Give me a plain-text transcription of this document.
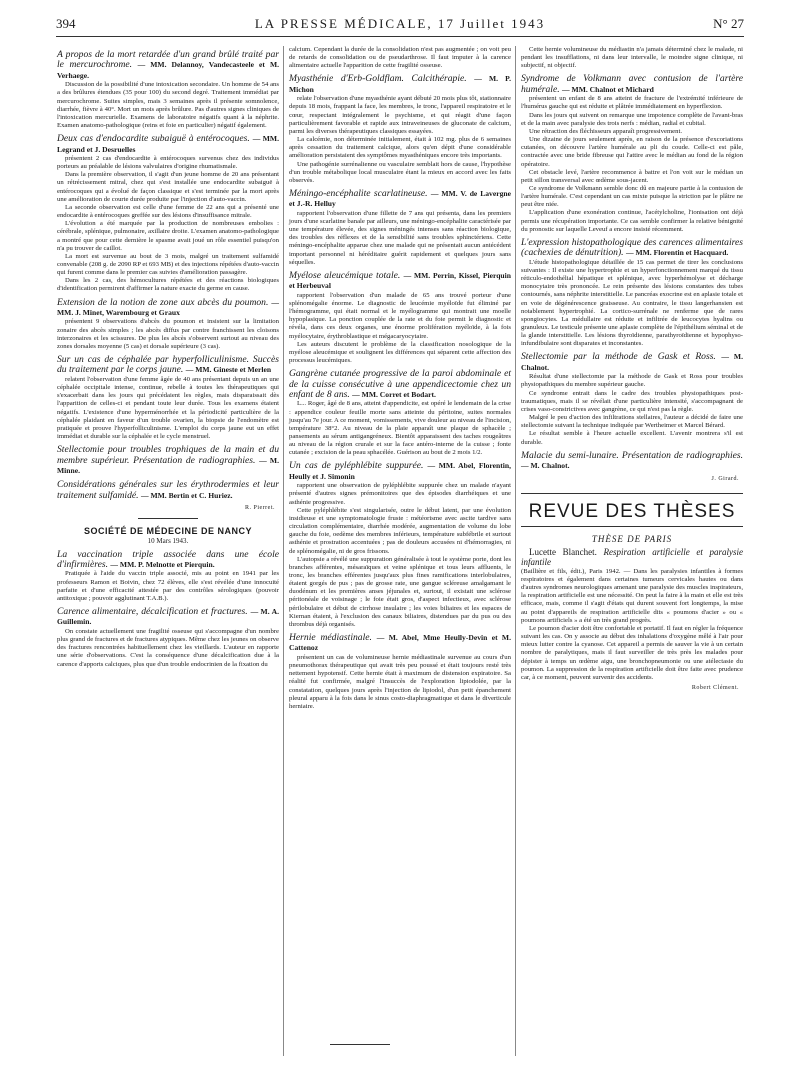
394	LA PRESSE MÉDICALE, 17 Juillet 1943	N° 27
A propos de la mort retardée d'un grand brûlé traité par le mercurochrome. — MM. Delannoy, Vandecasteele et M. Verhaege.

Discussion de la possibilité d'une intoxication secondaire. Un homme de 54 ans a des brûlures étendues (35 pour 100) du second degré. Traitement immédiat par mercurochrome. Suites simples, mais 3 semaines après il présente somnolence, diarrhée, fièvre à 40°. Mort un mois après brûlure. Pas d'autres signes cliniques de l'intoxication mercurielle. Examens de laboratoire négatifs quant à la néphrite. Examen anatomo-pathologique (reins et foie en particulier) négatif également.

Deux cas d'endocardite subaiguë à entérocoques. — MM. Legrand et J. Desruelles

présentent 2 cas d'endocardite à entérocoques survenus chez des individus porteurs au préalable de lésions valvulaires d'origine rhumatismale.

Dans la première observation, il s'agit d'un jeune homme de 20 ans présentant un rétrécissement mitral, chez qui s'est installée une endocardite subaiguë à entérocoques qui a évolué de façon classique et s'est terminée par la mort après une amélioration de courte durée produite par l'injection d'auto-vaccin.

La seconde observation est celle d'une femme de 22 ans qui a présenté une endocardite à entérocoques greffée sur des lésions d'insuffisance mitrale.

L'évolution a été marquée par la production de nombreuses embolies : cérébrale, splénique, pulmonaire, axillaire droite. L'examen anatomo-pathologique a montré que pour cette dernière le spasme avait joué un rôle essentiel puisqu'on n'a pu trouver de caillot.

La mort est survenue au bout de 3 mois, malgré un traitement sulfamidé convenable (208 g. de 2090 RP et 693 MB) et des injections répétées d'auto-vaccin qui furent comme dans le premier cas suivies d'amélioration passagère.

Dans les 2 cas, des hémocultures répétées et des réactions biologiques d'identification permirent d'affirmer la nature exacte du germe en cause.

Extension de la notion de zone aux abcès du poumon. — MM. J. Minet, Warembourg et Graux

présentent 9 observations d'abcès du poumon et insistent sur la limitation zonaire des abcès simples ; les abcès diffus par contre franchissent les cloisons interzonaires et les scissures. De plus les abcès s'observent surtout au niveau des zones dorsales moyenne (5 cas) et dorsale supérieure (3 cas).

Sur un cas de céphalée par hyperfolliculinisme. Succès du traitement par le corps jaune. — MM. Gineste et Merlen

relatent l'observation d'une femme âgée de 40 ans présentant depuis un an une céphalée occipitale intense, continue, rebelle à toutes les thérapeutiques qui s'exacerbait dans les jours qui précédaient les règles, mais disparaissait dès l'apparition de celles-ci et pendant toute leur durée. Tous les examens étaient négatifs. L'existence d'une hyperménorrhée et la périodicité particulière de la céphalée plaidant en faveur d'un trouble ovarien, la biopsie de l'endomètre est pratiquée et prouve l'hyperfolliculinisme. L'emploi du corps jaune eut un effet immédiat et durable sur la céphalée et le cycle menstruel.

Stellectomie pour troubles trophiques de la main et du membre supérieur. Présentation de radiographies. — M. Minne.
Considérations générales sur les érythrodermies et leur traitement sulfamidé. — MM. Bertin et C. Huriez.
R. Pierret.
SOCIÉTÉ DE MÉDECINE DE NANCY
10 Mars 1943.
La vaccination triple associée dans une école d'infirmières. — MM. P. Melnotte et Pierquin.

Pratiquée à l'aide du vaccin triple associé, mis au point en 1941 par les professeurs Ramon et Boivin, chez 72 élèves, elle s'est révélée d'une innocuité parfaite et d'une efficacité attestée par des contrôles sérologiques (pouvoir antitoxique ; pouvoir agglutinant T.A.B.).

Carence alimentaire, décalcification et fractures. — M. A. Guillemin.

On constate actuellement une fragilité osseuse qui s'accompagne d'un nombre plus grand de fractures et de fractures atypiques. Même chez les jeunes on observe des fractures rencontrées habituellement chez les vieillards. L'auteur en rapporte une série d'observations. C'est la conséquence d'une décalcification due à la carence d'apports calciques, plus que d'un trouble endocrinien de la fixation du

calcium. Cependant la durée de la consolidation n'est pas augmentée ; on voit peu de retards de consolidation ou de pseudarthrose. Il faut imputer à la carence alimentaire actuelle l'apparition de cette fragilité osseuse.

Myasthénie d'Erb-Goldflam. Calcithérapie. — M. P. Michon

relate l'observation d'une myasthénie ayant débuté 20 mois plus tôt, stationnaire depuis 18 mois, frappant la face, les membres, le tronc, l'appareil respiratoire et le cœur, respectant intégralement le psychisme, et qui réagit d'une façon particulièrement favorable et rapide aux intraveineuses de gluconate de calcium, parmi les diverses thérapeutiques classiques essayées.

La calcémie, non déterminée initialement, était à 102 mg. plus de 6 semaines après cessation du traitement calcique, alors qu'en dépit d'une considérable amélioration persistaient des symptômes myasthéniques encore très importants.

Une pathogénie surrénalienne ou vasculaire semblait hors de cause, l'hypothèse d'un trouble métabolique local musculaire étant la mieux en accord avec les faits observés.

Méningo-encéphalite scarlatineuse. — MM. V. de Lavergne et J.-R. Helluy

rapportent l'observation d'une fillette de 7 ans qui présenta, dans les premiers jours d'une scarlatine banale par ailleurs, une méningo-encéphalite caractérisée par une température élevée, des signes méningés intenses sans réaction biologique, des troubles des réflexes et de la sensibilité sans troubles sphinctériens. Cette méningo-encéphalite apparue chez une malade qui ne présentait aucun antécédent important personnel ni héréditaire guérit rapidement et quelques jours sans séquelles.

Myélose aleucémique totale. — MM. Perrin, Kissel, Pierquin et Herbeuval

rapportent l'observation d'un malade de 65 ans trouvé porteur d'une splénomégalie énorme. Le diagnostic de leucémie myéloïde fut éliminé par l'hémogramme, qui était normal et le myélogramme qui montrait une moelle hypoplasique. La ponction couplée de la rate et du foie permit le diagnostic et révéla, dans ces deux organes, une énorme prolifération myéloïde, à la fois myélocytaire, érythroblastique et mégacaryocytaire.

Les auteurs discutent le problème de la classification nosologique de la myélose aleucémique et soulignent les différences qui séparent cette affection des processus leucémiques.

Gangrène cutanée progressive de la paroi abdominale et de la cuisse consécutive à une appendicectomie chez un enfant de 8 ans. — MM. Corret et Bodart.

L... Roger, âgé de 8 ans, atteint d'appendicite, est opéré le lendemain de la crise : appendice couleur feuille morte sans atteinte du péritoine, suites normales jusqu'au 7e jour. A ce moment, vomissements, vive douleur au niveau de l'incision, température 38°2. Au niveau de la plaie apparaît une plaque de sphacèle ; pansements au sérum antigangréneux. Bientôt apparaissent des taches rougeâtres au niveau de la région crurale et sur la face antéro-interne de la cuisse ; fonte cutanée ; excision de la peau sphacélée. Guérison au bout de 2 mois 1/2.

Un cas de pyléphlébite suppurée. — MM. Abel, Florentin, Heully et J. Simonin

rapportent une observation de pyléphlébite suppurée chez un malade n'ayant présenté d'autres signes prémonitoires que des épisodes diarrhéiques et une asthénie progressive.

Cette pyléphlébite s'est singularisée, outre le début latent, par une évolution insidieuse et une symptomatologie fruste : météorisme avec ascite tardive sans circulation complémentaire, diarrhée modérée, augmentation de volume du lobe gauche du foie, oedème des membres inférieurs, température subfébrile et surtout asthénie et prostration accentuées ; pas de douleurs accusées ni d'hémorragies, ni de splénomégalie, ni de gros frissons.

L'autopsie a révélé une suppuration généralisée à tout le système porte, dont les branches afférentes, mésaraïques et veine splénique et tous leurs affluents, le tronc, les branches efférentes jusqu'aux plus fines ramifications interlobulaires, étaient gorgés de pus ; pas de grosse rate, une gangue scléreuse amalgamant le duodénum et les premières anses jéjunales et, surtout, il existait une sclérose péritonéale de voisinage ; le foie était gros, d'aspect infectieux, avec sclérose périlobulaire et début de cirrhose insulaire ; les voies biliaires et les espaces de Kiernan étaient, à l'exclusion des canaux biliaires, distendues par du pus ou des thrombus déjà organisés.

Hernie médiastinale. — M. Abel, Mme Heully-Devin et M. Cattenoz

présentent un cas de volumineuse hernie médiastinale survenue au cours d'un pneumothorax thérapeutique qui avait très peu poussé et était toujours resté très nettement hypotensif. Cette hernie était à maximum de distension expiratoire. Sa réalité fut confirmée, malgré l'insuccès de l'exploration lipiodolée, par la constatation, quelques jours après l'injection de lipiodol, d'un petit épanchement pleural apparu à la fois dans le sinus costo-diaphragmatique et dans le diverticule herniaire.

Cette hernie volumineuse du médiastin n'a jamais déterminé chez le malade, ni pendant les insufflations, ni dans leur intervalle, le moindre signe clinique, ni subjectif, ni objectif.

Syndrome de Volkmann avec contusion de l'artère humérale. — MM. Chalnot et Michard

présentent un enfant de 8 ans atteint de fracture de l'extrémité inférieure de l'humérus gauche qui est réduite et plâtrée immédiatement en hyperflexion.

Dans les jours qui suivent on remarque une impotence complète de l'avant-bras et de la main avec paralysie des trois nerfs : médian, radial et cubital.

Une rétraction des fléchisseurs apparaît progressivement.

Une dizaine de jours seulement après, en raison de la présence d'excoriations cutanées, on découvre l'artère humérale au pli du coude. Celle-ci est pâle, contractée avec une bride fibreuse qui l'attire avec le médian au fond de la région opératoire.

Cet obstacle levé, l'artère recommence à battre et l'on voit sur le médian un petit sillon transversal avec œdème sous-jacent.

Ce syndrome de Volkmann semble donc dû en majeure partie à la contusion de l'artère humérale. C'est cependant un cas mixte puisque la striction par le plâtre ne peut être niée.

L'application d'une exonération continue, l'acétylcholine, l'ionisation ont déjà permis une récupération importante. Ce cas semble confirmer la relative bénignité du pronostic sur laquelle Leveuf a encore insisté récemment.

L'expression histopathologique des carences alimentaires (cachexies de dénutrition). — MM. Florentin et Hacquard.

L'étude histopathologique détaillée de 15 cas permet de tirer les conclusions suivantes : Il existe une hypertrophie et un hyperfonctionnement marqué du tissu réticulo-endothélial hépatique et splénique, avec hyperhémolyse et décharge monocytaire très prononcée. Le rein présente des lésions constantes des tubes contournés, sans néphrite interstitielle. Le pancréas exocrine est en aplasie totale et en voie de dégénérescence graisseuse. Au contraire, le tissu langerhansien est notablement hypertrophié. La cortico-surrénale ne renferme que de rares spongiocytes. La médullaire est réduite et infiltrée de leucocytes hyalins ou granuleux. Le testicule présente une aplasie complète de l'épithélium séminal et de la glande interstitielle. Les lésions thyroïdienne, parathyroïdienne et hypophyso-infundibulaire sont disparates et inconstantes.

Stellectomie par la méthode de Gask et Ross. — M. Chalnot.

Résultat d'une stellectomie par la méthode de Gask et Ross pour troubles physiopathiques du membre supérieur gauche.

Ce syndrome entrait dans le cadre des troubles physiopathiques post-traumatiques, mais il se révélait d'une particulière intensité, s'accompagnant de crises vaso-constrictives avec gangrène, ce qui n'est pas la règle.

Malgré le peu d'action des infiltrations stellaires, l'auteur a décidé de faire une stellectomie suivant la technique indiquée par Wertheimer et Marcel Bérard.

Le résultat semble à l'heure actuelle excellent. L'avenir montrera s'il est durable.

Malacie du semi-lunaire. Présentation de radiographies. — M. Chalnot.
J. Girard.
REVUE DES THÈSES
THÈSE DE PARIS
Lucette Blanchet. Respiration artificielle et paralysie infantile

(Baillière et fils, édit.), Paris 1942. — Dans les paralysies infantiles à formes respiratoires et également dans certaines tumeurs cervicales hautes ou dans d'autres syndromes neurologiques amenant une paralysie des muscles inspirateurs, la respiration artificielle est une nécessité. On peut la faire à la main et elle est très efficace, mais, comme il s'agit d'états qui durent souvent fort longtemps, la mise au point d'appareils de respiration artificielle dits « poumons d'acier » ou « poumons artificiels » a été un très grand progrès.

Le poumon d'acier doit être confortable et portatif. Il faut en régler la fréquence suivant les cas. On y associe au début des inhalations d'oxygène mêlé à l'air pour mieux lutter contre la cyanose. Cet appareil a permis de sauver la vie à un certain nombre de paralytiques, mais il faut surveiller de très près les malades pour dépister à temps un œdème aigu, une bronchopneumonie ou une atélectasie du poumon. La suppression de la respiration artificielle doit être faite avec prudence car, à ce moment, peuvent survenir des accidents.

Robert Clément.
